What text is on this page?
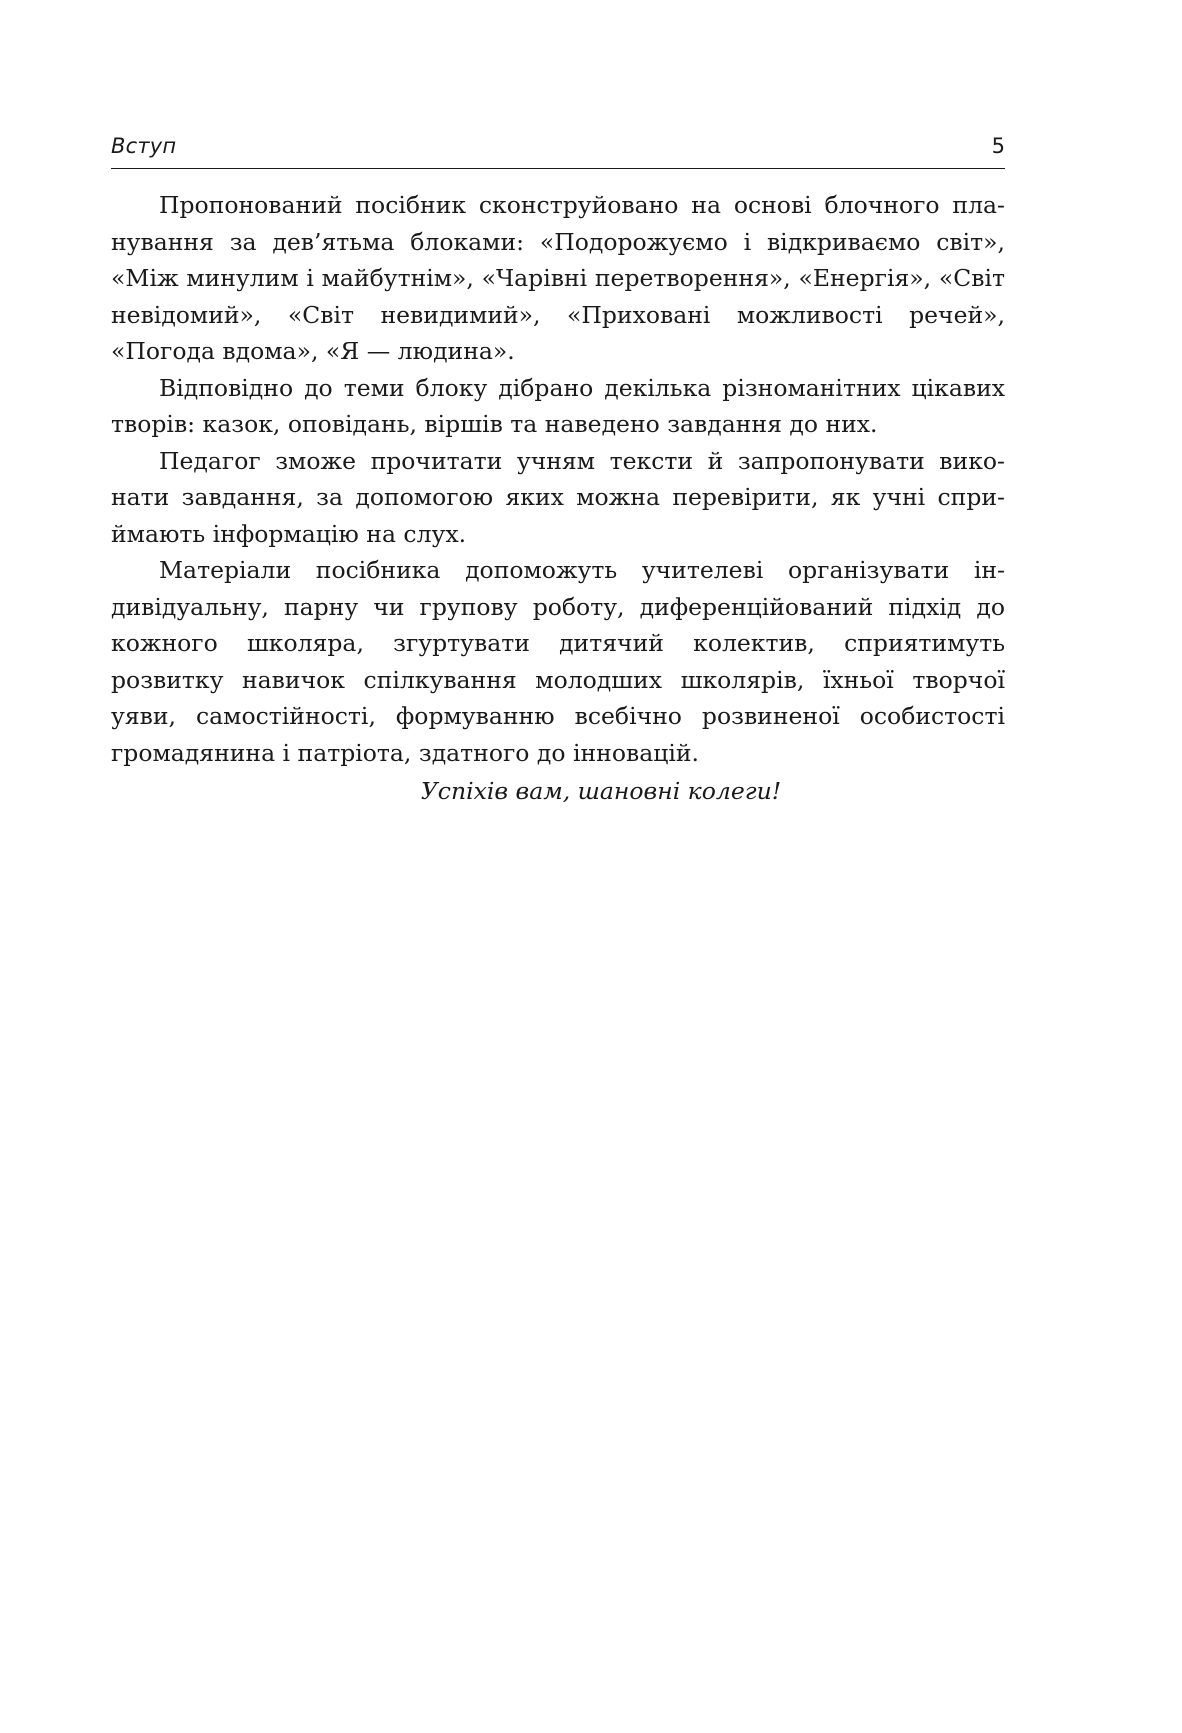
Вступ	5

Пропонований посібник сконструйовано на основі блочного планування за дев’ятьма блоками: «Подорожуємо і відкриваємо світ», «Між минулим і майбутнім», «Чарівні перетворення», «Енергія», «Світ невідомий», «Світ невидимий», «Приховані можливості речей», «Погода вдома», «Я — людина».

Відповідно до теми блоку дібрано декілька різноманітних цікавих творів: казок, оповідань, віршів та наведено завдання до них.

Педагог зможе прочитати учням тексти й запропонувати виконати завдання, за допомогою яких можна перевірити, як учні сприймають інформацію на слух.

Матеріали посібника допоможуть учителеві організувати індивідуальну, парну чи групову роботу, диференційований підхід до кожного школяра, згуртувати дитячий колектив, сприятимуть розвитку навичок спілкування молодших школярів, їхньої творчої уяви, самостійності, формуванню всебічно розвиненої особистості громадянина і патріота, здатного до інновацій.

Успіхів вам, шановні колеги!
